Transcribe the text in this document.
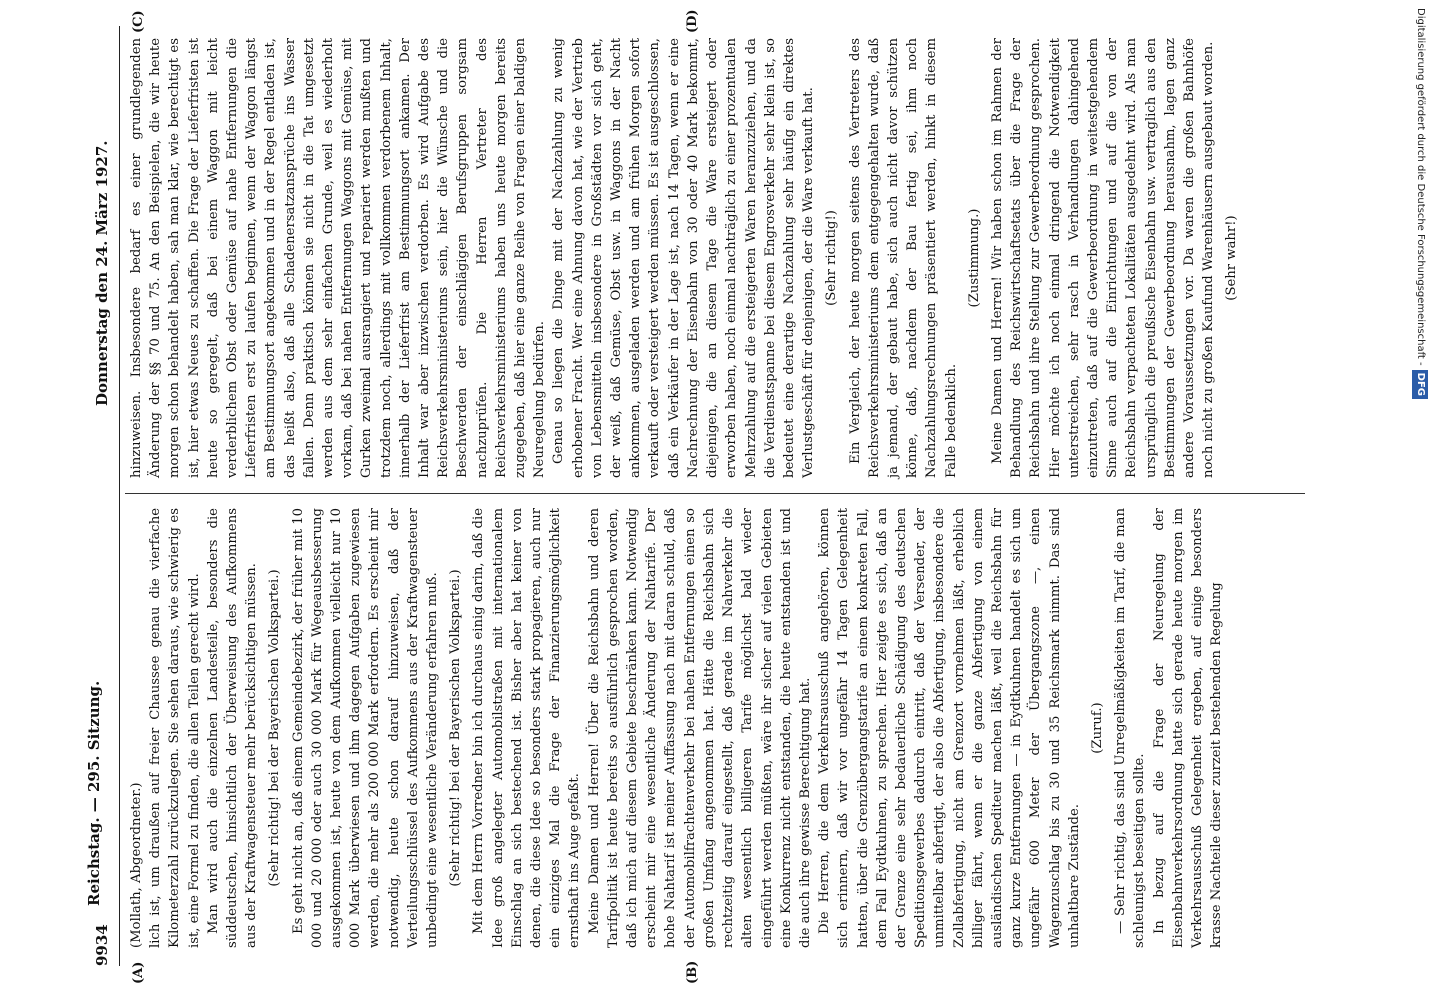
9934
Reichstag. — 295. Sitzung.
Donnerstag den 24. März 1927.
(A)	(B)
(C)	(D)

(Mollath, Abgeordneter.) lich ist, um draußen auf freier Chaussee genau die vierfache Kilometerzahl zurückzulegen. Sie sehen daraus, wie schwierig es ist, eine Formel zu finden, die allen Teilen gerecht wird. Man wird auch die einzelnen Landesteile, besonders die süddeutschen, hinsichtlich der Überweisung des Aufkommens aus der Kraftwagensteuer mehr berücksichtigen müssen. (Sehr richtig! bei der Bayerischen Volkspartei.) Es geht nicht an, daß einem Gemeindebezirk, der früher mit 10 000 und 20 000 oder auch 30 000 Mark für Wegeausbesserung ausgekommen ist, heute von dem Aufkommen vielleicht nur 10 000 Mark überwiesen und ihm dagegen Aufgaben zugewiesen werden, die mehr als 200 000 Mark erfordern. Es erscheint mir notwendig, heute schon darauf hinzuweisen, daß der Verteilungsschlüssel des Aufkommens aus der Kraftwagensteuer unbedingt eine wesentliche Veränderung erfahren muß. (Sehr richtig! bei der Bayerischen Volkspartei.) Mit dem Herrn Vorredner bin ich durchaus einig darin, daß die Idee groß angelegter Automobilstraßen mit internationalem Einschlag an sich bestechend ist. Bisher aber hat keiner von denen, die diese Idee so besonders stark propagieren, auch nur ein einziges Mal die Frage der Finanzierungsmöglichkeit ernsthaft ins Auge gefaßt. Meine Damen und Herren! Über die Reichsbahn und deren Tarifpolitik ist heute bereits so ausführlich gesprochen worden, daß ich mich auf diesem Gebiete beschränken kann. Notwendig erscheint mir eine wesentliche Änderung der Nahtarife. Der hohe Nahtarif ist meiner Auffassung nach mit daran schuld, daß der Automobilfrachtenverkehr bei nahen Entfernungen einen so großen Umfang angenommen hat. Hätte die Reichsbahn sich rechtzeitig darauf eingestellt, daß gerade im Nahverkehr die alten wesentlich billigeren Tarife möglichst bald wieder eingeführt werden müßten, wäre ihr sicher auf vielen Gebieten eine Konkurrenz nicht entstanden, die heute entstanden ist und die auch ihre gewisse Berechtigung hat. Die Herren, die dem Verkehrsausschuß angehören, können sich erinnern, daß wir vor ungefähr 14 Tagen Gelegenheit hatten, über die Grenzübergangstarife an einem konkreten Fall, dem Fall Eydtkuhnen, zu sprechen. Hier zeigte es sich, daß an der Grenze eine sehr bedauerliche Schädigung des deutschen Speditionsgewerbes dadurch eintritt, daß der Versender, der unmittelbar abfertigt, der also die Abfertigung, insbesondere die Zollabfertigung, nicht am Grenzort vornehmen läßt, erheblich billiger fährt, wenn er die ganze Abfertigung von einem ausländischen Spediteur machen läßt, weil die Reichsbahn für ganz kurze Entfernungen — in Eydtkuhnen handelt es sich um ungefähr 600 Meter der Übergangszone —, einen Wagenzuschlag bis zu 30 und 35 Reichsmark nimmt. Das sind unhaltbare Zustände.

(Zuruf.) — Sehr richtig, das sind Unregelmäßigkeiten im Tarif, die man schleunigst beseitigen sollte. In bezug auf die Frage der Neuregelung der Eisenbahnverkehrsordnung hatte sich gerade heute morgen im Verkehrsausschuß Gelegenheit ergeben, auf einige besonders krasse Nachteile dieser zurzeit bestehenden Regelung

hinzuweisen. Insbesondere bedarf es einer grundlegenden Änderung der §§ 70 und 75. An den Beispielen, die wir heute morgen schon behandelt haben, sah man klar, wie berechtigt es ist, hier etwas Neues zu schaffen. Die Frage der Lieferfristen ist heute so geregelt, daß bei einem Waggon mit leicht verderblichem Obst oder Gemüse auf nahe Entfernungen die Lieferfristen erst zu laufen beginnen, wenn der Waggon längst am Bestimmungsort angekommen und in der Regel entladen ist, das heißt also, daß alle Schadenersatzansprüche ins Wasser fallen. Denn praktisch können sie nicht in die Tat umgesetzt werden aus dem sehr einfachen Grunde, weil es wiederholt vorkam, daß bei nahen Entfernungen Waggons mit Gemüse, mit Gurken zweimal ausrangiert und repariert werden mußten und trotzdem noch, allerdings mit vollkommen verdorbenem Inhalt, innerhalb der Lieferfrist am Bestimmungsort ankamen. Der Inhalt war aber inzwischen verdorben. Es wird Aufgabe des Reichsverkehrsministeriums sein, hier die Wünsche und die Beschwerden der einschlägigen Berufsgruppen sorgsam nachzuprüfen. Die Herren Vertreter des Reichsverkehrsministeriums haben uns heute morgen bereits zugegeben, daß hier eine ganze Reihe von Fragen einer baldigen Neuregelung bedürfen. Genau so liegen die Dinge mit der Nachzahlung zu wenig erhobener Fracht. Wer eine Ahnung davon hat, wie der Vertrieb von Lebensmitteln insbesondere in Großstädten vor sich geht, der weiß, daß Gemüse, Obst usw. in Waggons in der Nacht ankommen, ausgeladen werden und am frühen Morgen sofort verkauft oder versteigert werden müssen. Es ist ausgeschlossen, daß ein Verkäufer in der Lage ist, nach 14 Tagen, wenn er eine Nachrechnung der Eisenbahn von 30 oder 40 Mark bekommt, diejenigen, die an diesem Tage die Ware ersteigert oder erworben haben, noch einmal nachträglich zu einer prozentualen Mehrzahlung auf die ersteigerten Waren heranzuziehen, und da die Verdienstspanne bei diesem Engrosverkehr sehr klein ist, so bedeutet eine derartige Nachzahlung sehr häufig ein direktes Verlustgeschäft für denjenigen, der die Ware verkauft hat. (Sehr richtig!) Ein Vergleich, der heute morgen seitens des Vertreters des Reichsverkehrsministeriums dem entgegengehalten wurde, daß ja jemand, der gebaut habe, sich auch nicht davor schützen könne, daß, nachdem der Bau fertig sei, ihm noch Nachzahlungsrechnungen präsentiert werden, hinkt in diesem Falle bedenklich.

(Zustimmung.) Meine Damen und Herren! Wir haben schon im Rahmen der Behandlung des Reichswirtschaftsetats über die Frage der Reichsbahn und ihre Stellung zur Gewerbeordnung gesprochen. Hier möchte ich noch einmal dringend die Notwendigkeit unterstreichen, sehr rasch in Verhandlungen dahingehend einzutreten, daß auf die Gewerbeordnung in weitestgehendem Sinne auch auf die Einrichtungen und auf die von der Reichsbahn verpachteten Lokalitäten ausgedehnt wird. Als man ursprünglich die preußische Eisenbahn usw. vertraglich aus den Bestimmungen der Gewerbeordnung herausnahm, lagen ganz andere Voraussetzungen vor. Da waren die großen Bahnhöfe noch nicht zu großen Kaufund Warenhäusern ausgebaut worden. (Sehr wahr!)	Digitalisierung gefördert durch die Deutsche Forschungsgemeinschaft -DFG
